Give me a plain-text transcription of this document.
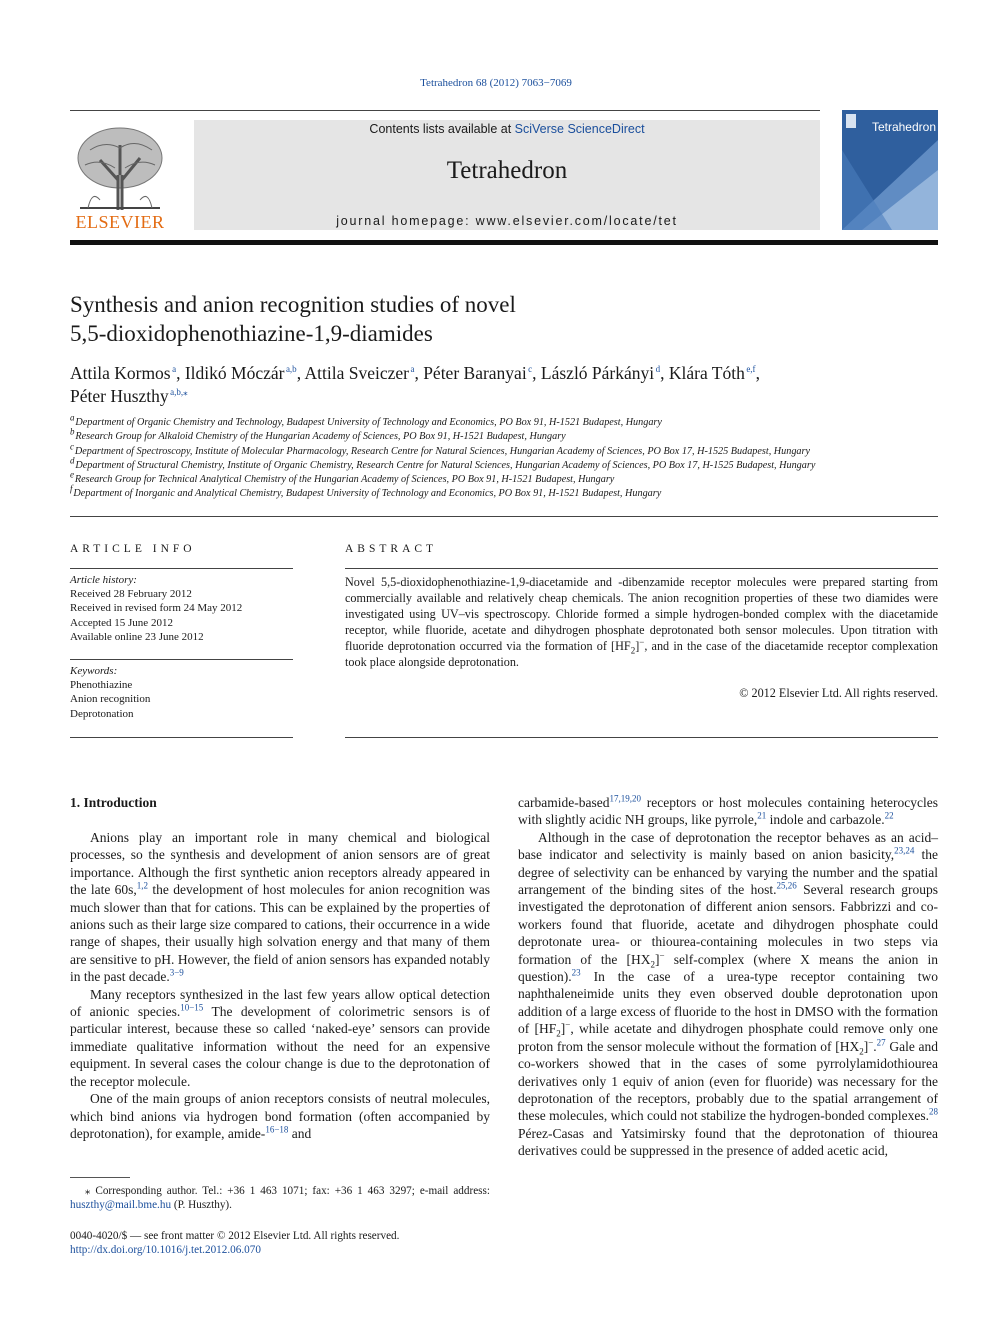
Tetrahedron 68 (2012) 7063−7069
ELSEVIER
Contents lists available at SciVerse ScienceDirect
Tetrahedron
journal homepage: www.elsevier.com/locate/tet
Tetrahedron
Synthesis and anion recognition studies of novel
5,5-dioxidophenothiazine-1,9-diamides
Attila Kormos $^a$, Ildikó Móczár $^{a,b}$, Attila Sveiczer $^a$, Péter Baranyai $^c$, László Párkányi $^d$, Klára Tóth $^{e,f}$,
Péter Huszthy $^{a,b,⁎}$
$^a$ Department of Organic Chemistry and Technology, Budapest University of Technology and Economics, PO Box 91, H-1521 Budapest, Hungary
$^b$ Research Group for Alkaloid Chemistry of the Hungarian Academy of Sciences, PO Box 91, H-1521 Budapest, Hungary
$^c$ Department of Spectroscopy, Institute of Molecular Pharmacology, Research Centre for Natural Sciences, Hungarian Academy of Sciences, PO Box 17, H-1525 Budapest, Hungary
$^d$ Department of Structural Chemistry, Institute of Organic Chemistry, Research Centre for Natural Sciences, Hungarian Academy of Sciences, PO Box 17, H-1525 Budapest, Hungary
$^e$ Research Group for Technical Analytical Chemistry of the Hungarian Academy of Sciences, PO Box 91, H-1521 Budapest, Hungary
$^f$ Department of Inorganic and Analytical Chemistry, Budapest University of Technology and Economics, PO Box 91, H-1521 Budapest, Hungary
ARTICLE INFO
Article history:
Received 28 February 2012
Received in revised form 24 May 2012
Accepted 15 June 2012
Available online 23 June 2012
Keywords:
Phenothiazine
Anion recognition
Deprotonation
ABSTRACT
Novel 5,5-dioxidophenothiazine-1,9-diacetamide and -dibenzamide receptor molecules were prepared starting from commercially available and relatively cheap chemicals. The anion recognition properties of these two diamides were investigated using UV–vis spectroscopy. Chloride formed a simple hydrogen-bonded complex with the diacetamide receptor, while fluoride, acetate and dihydrogen phosphate deprotonated both sensor molecules. Upon titration with fluoride deprotonation occurred via the formation of $[HF_2]^-$, and in the case of the diacetamide receptor complexation took place alongside deprotonation.
© 2012 Elsevier Ltd. All rights reserved.
1. Introduction

Anions play an important role in many chemical and biological processes, so the synthesis and development of anion sensors are of great importance. Although the first synthetic anion receptors already appeared in the late 60s,$^{1,2}$ the development of host molecules for anion recognition was much slower than that for cations. This can be explained by the properties of anions such as their large size compared to cations, their occurrence in a wide range of shapes, their usually high solvation energy and that many of them are sensitive to pH. However, the field of anion sensors has expanded notably in the past decade.$^{3-9}$

Many receptors synthesized in the last few years allow optical detection of anionic species.$^{10-15}$ The development of colorimetric sensors is of particular interest, because these so called ‘naked-eye’ sensors can provide immediate qualitative information without the need for an expensive equipment. In several cases the colour change is due to the deprotonation of the receptor molecule.

One of the main groups of anion receptors consists of neutral molecules, which bind anions via hydrogen bond formation (often accompanied by deprotonation), for example, amide-$^{16-18}$ and

carbamide-based$^{17,19,20}$ receptors or host molecules containing heterocycles with slightly acidic NH groups, like pyrrole,$^{21}$ indole and carbazole.$^{22}$

Although in the case of deprotonation the receptor behaves as an acid–base indicator and selectivity is mainly based on anion basicity,$^{23,24}$ the degree of selectivity can be enhanced by varying the number and the spatial arrangement of the binding sites of the host.$^{25,26}$ Several research groups investigated the deprotonation of different anion sensors. Fabbrizzi and co-workers found that fluoride, acetate and dihydrogen phosphate could deprotonate urea- or thiourea-containing molecules in two steps via formation of the $[HX_2]^-$ self-complex (where X means the anion in question).$^{23}$ In the case of a urea-type receptor containing two naphthaleneimide units they even observed double deprotonation upon addition of a large excess of fluoride to the host in DMSO with the formation of $[HF_2]^-$, while acetate and dihydrogen phosphate could remove only one proton from the sensor molecule without the formation of $[HX_2]^-.^{27}$ Gale and co-workers showed that in the cases of some pyrrolylamidothiourea derivatives only 1 equiv of anion (even for fluoride) was necessary for the deprotonation of the receptors, probably due to the spatial arrangement of these molecules, which could not stabilize the hydrogen-bonded complexes.$^{28}$ Pérez-Casas and Yatsimirsky found that the deprotonation of thiourea derivatives could be suppressed in the presence of added acetic acid,

⁎ Corresponding author. Tel.: +36 1 463 1071; fax: +36 1 463 3297; e-mail address: huszthy@mail.bme.hu (P. Huszthy).
0040-4020/$ — see front matter © 2012 Elsevier Ltd. All rights reserved.
http://dx.doi.org/10.1016/j.tet.2012.06.070
